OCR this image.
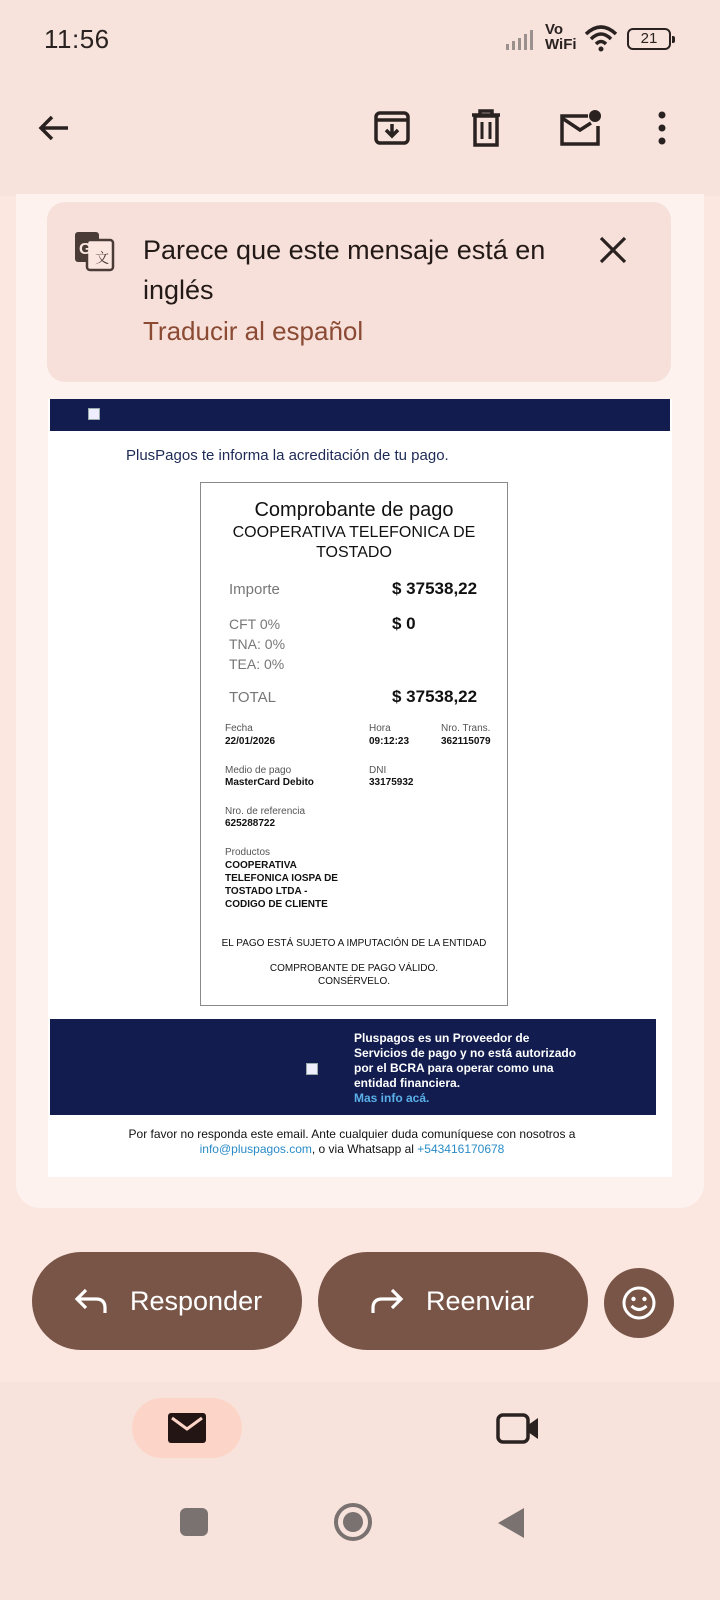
11:56	Vo
WiFi	21
G 文 Parece que este mensaje está en inglés
Traducir al español
PlusPagos te informa la acreditación de tu pago.
Comprobante de pago
COOPERATIVA TELEFONICA DE TOSTADO
Importe	$ 37538,22
CFT 0%
TNA: 0%
TEA: 0%
$ 0
TOTAL	$ 37538,22
Fecha
22/01/2026
Hora
09:12:23
Nro. Trans.
362115079
Medio de pago
MasterCard Debito
DNI
33175932
Nro. de referencia
625288722
Productos
COOPERATIVA TELEFONICA IOSPA DE TOSTADO LTDA - CODIGO DE CLIENTE
EL PAGO ESTÁ SUJETO A IMPUTACIÓN DE LA ENTIDAD
COMPROBANTE DE PAGO VÁLIDO.
CONSÉRVELO.
Pluspagos es un Proveedor de Servicios de pago y no está autorizado por el BCRA para operar como una entidad financiera.
Mas info acá.
Por favor no responda este email. Ante cualquier duda comuníquese con nosotros a
info@pluspagos.com, o via Whatsapp al +543416170678
Responder	Reenviar
